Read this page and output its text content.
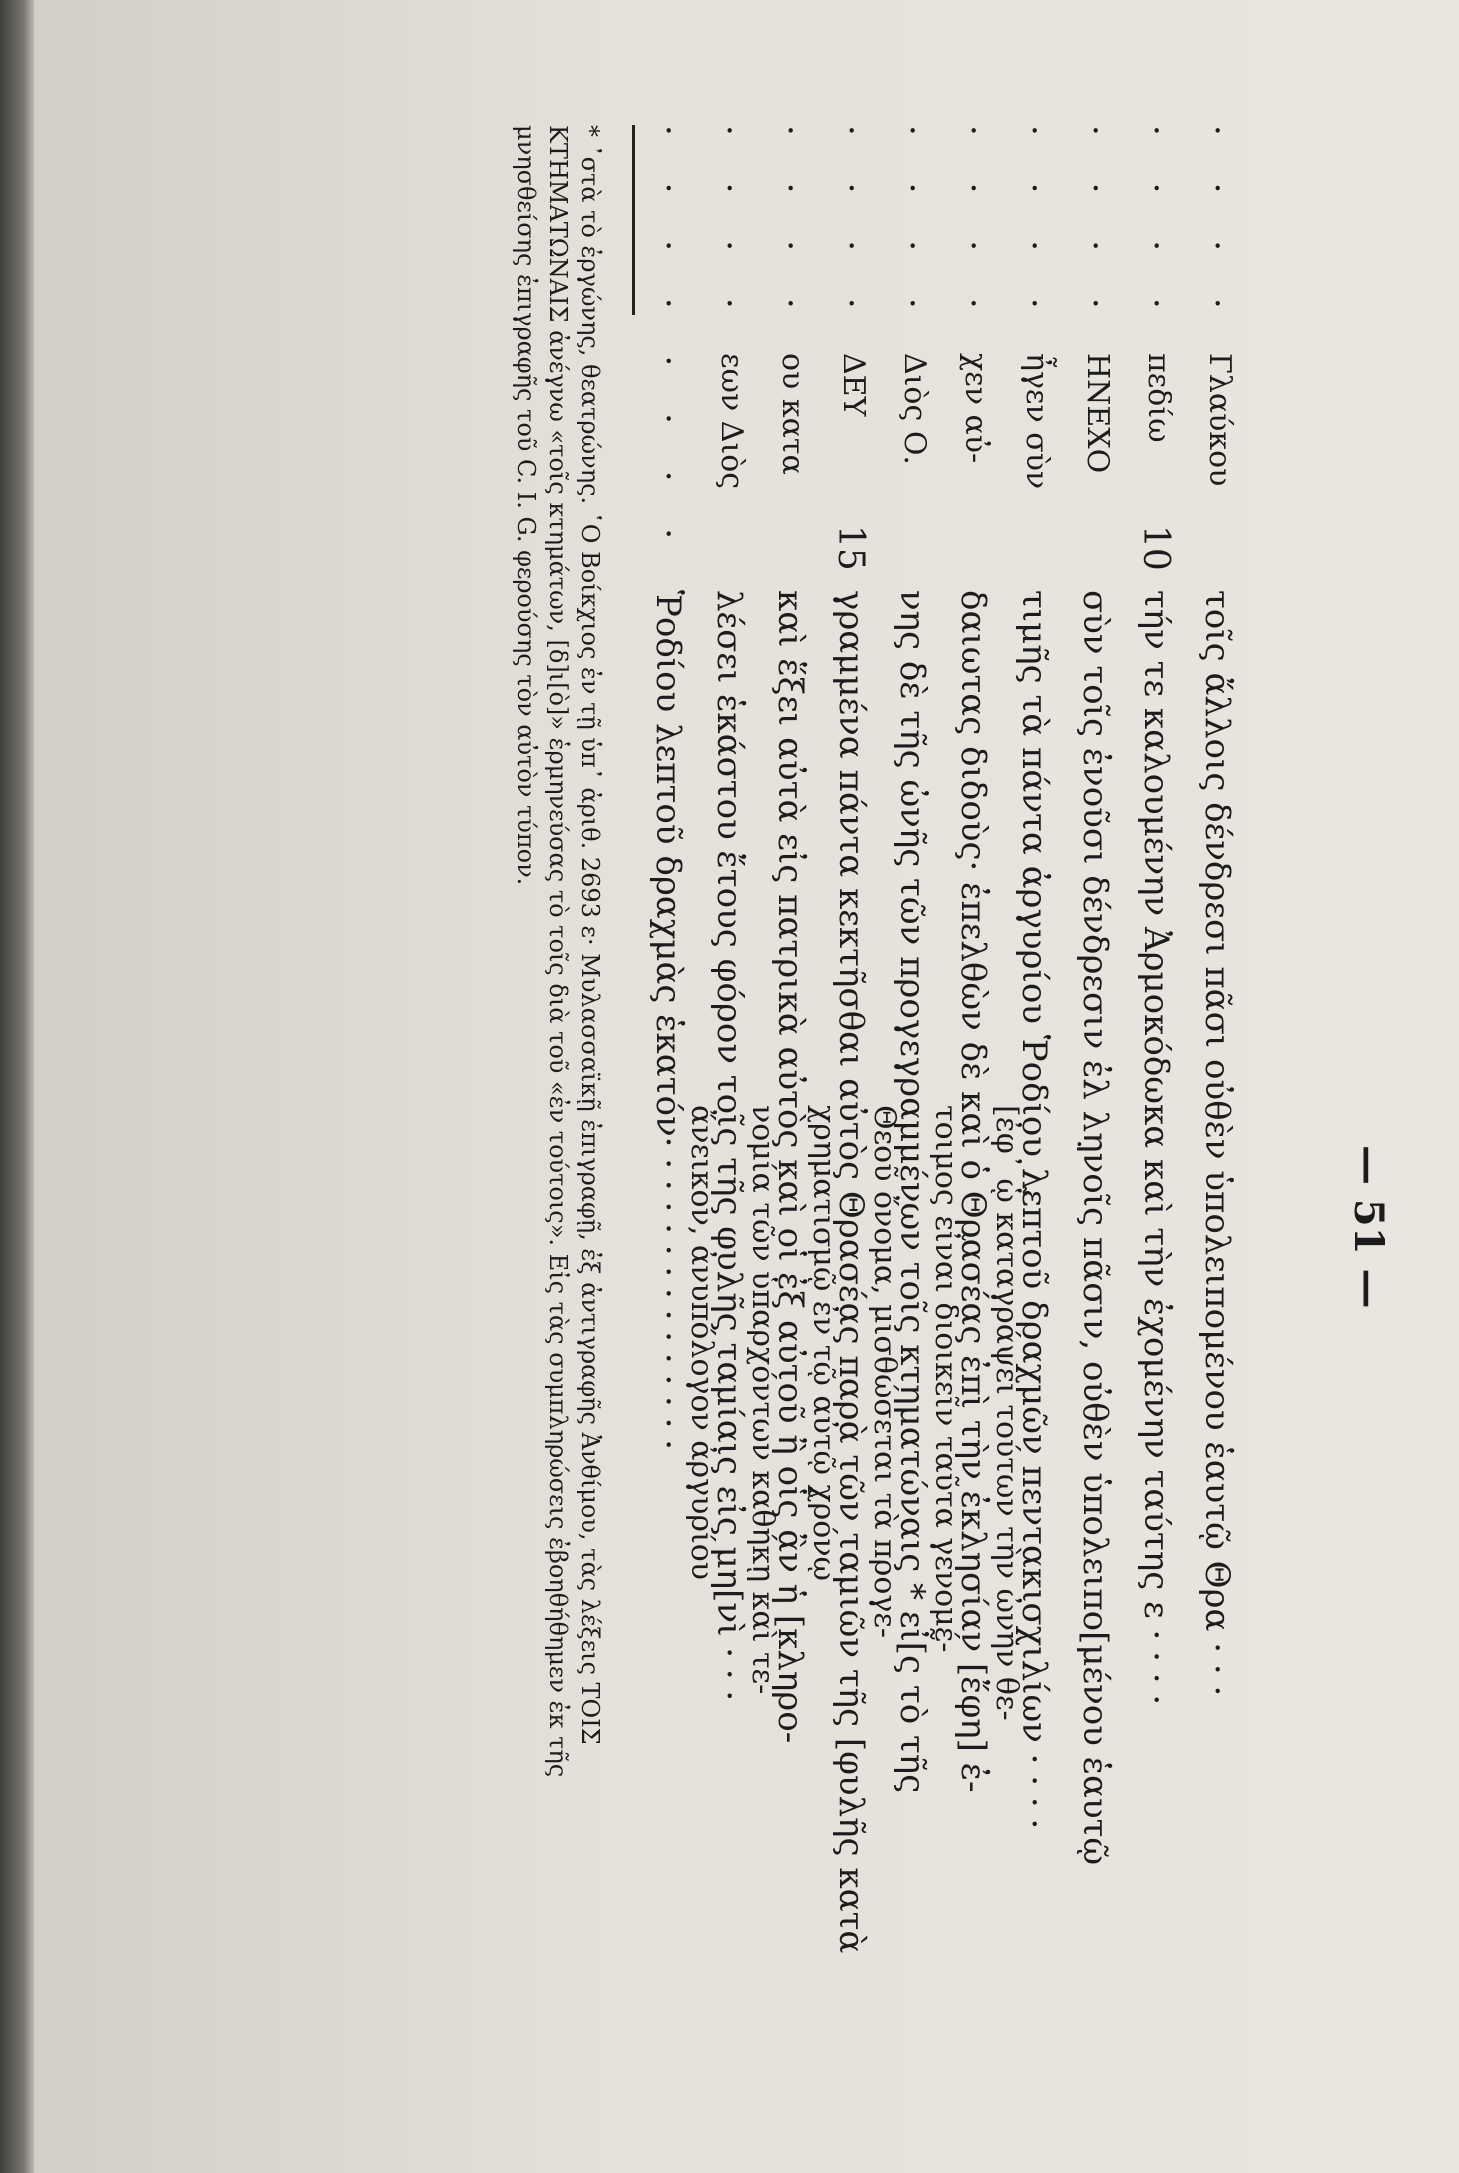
— 51 —
Γλαύκου
πεδίω
ΗΝΕΧΟ
ἦγεν σὺν
χεν αὐ-
Διὸς Ο.
ΔΕΥ
ου κατα
εων Διὸς
· · · ·
· · · ·
· · · ·
· · · ·
· · · ·
· · · ·
· · · ·
· · · ·
· · · ·
· · · · · · · ·	10
15
τοῖς ἄλλοις δένδρεσι πᾶσι οὐθὲν ὑπολειπομένου ἑαυτῷ Θρα · · ·
τήν τε καλουμένην Ἀρμοκόδωκα καὶ τὴν ἐχομένην ταύτης ε · · · ·
σὺν τοῖς ἐνοῦσι δένδρεσιν ἐλ λη̣νοῖς πᾶσιν, οὐθὲν ὑπολειπο[μένου ἑαυτῷ
τιμῆς τὰ πάντα ἀργυρίου Ῥοδίου λεπτοῦ δραχμῶν πεντακισχιλίων · · · ·
δαιωτας διδοὺς· ἐπελθὼν δὲ καὶ ὁ Θρασέας ἐπὶ τὴν ἐκλησίαν [ἔφη] ἐ-
νης δὲ τῆς ὠνῆς τῶν προγεγραμμένων τοῖς κτηματώναις * εἶ[ς τὸ τῆς
γραμμένα πάντα κεκτῆσθαι αὐτὸς Θρασέας παρὰ τῶν ταμιῶν τῆς [φυλῆς κατὰ
καὶ ἕξει αὐτὰ εἰς πατρικὰ αὐτὸς καὶ οἱ ἐξ αὐτοῦ ἢ οἷς ἂν ἡ [κληρο-
λέσει ἑκάστου ἔτους φόρον τοῖς τῆς φυλῆς ταμίαις εἰς μη[νὶ · · ·
Ῥοδίου λεπτοῦ δραχμὰς ἑκατόν· · · · · · · · · · · · · · ·	[ἐφ᾽ ᾧ καταγράψει τούτων τὴν ὠνὴν θε-
τοιμος εἶναι διοικεῖν ταῦτα γενομέ-
Θεοῦ ὄνομα, μισθώσεται τὰ προγε-
χρηματισμῷ ἐν τῷ αὐτῷ χρόνῳ
νομία τῶν ὑπαρχόντων καθήκῃ καὶ τε-
ἄνεικον, ἀνυπόλογον ἀργυρίου
* ᾿στὰ τὸ ἐργώνης, θεατρώνης. ῾Ο Βοίκχιος ἐν τῇ ὑπ᾽ ἀριθ. 2693 ε· Μυλασσαϊκῇ ἐπιγραφῇ, ἐξ ἀντιγραφῆς Ἀνθίμου, τὰς λέξεις ΤΟΙΣ
ΚΤΗΜΑΤΩΝΑΙΣ ἀνέγνω «τοῖς κτημάτων, [δ]ι[ὸ]» ἑρμηνεύσας τὸ τοῖς διὰ τοῦ «ἐν τούτοις». Εἰς τὰς συμπληρώσεις ἐβοηθήθημεν ἐκ τῆς
μνησθείσης ἐπιγραφῆς τοῦ C. I. G. φερούσης τὸν αὐτὸν τύπον.
